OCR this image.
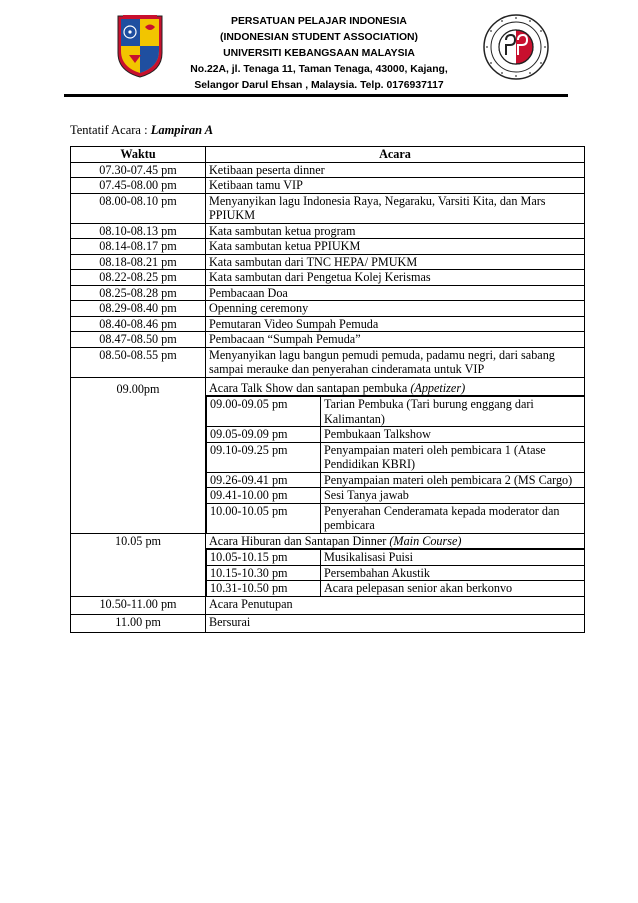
PERSATUAN PELAJAR INDONESIA
(INDONESIAN STUDENT ASSOCIATION)
UNIVERSITI KEBANGSAAN MALAYSIA
No.22A, jl. Tenaga 11, Taman Tenaga, 43000, Kajang,
Selangor Darul Ehsan , Malaysia. Telp. 0176937117
Tentatif Acara : Lampiran A
Waktu	Acara
07.30-07.45 pm	Ketibaan peserta dinner
07.45-08.00 pm	Ketibaan tamu VIP
08.00-08.10 pm	Menyanyikan lagu Indonesia Raya, Negaraku, Varsiti Kita, dan Mars PPIUKM
08.10-08.13 pm	Kata sambutan ketua program
08.14-08.17 pm	Kata sambutan ketua PPIUKM
08.18-08.21 pm	Kata sambutan dari TNC HEPA/ PMUKM
08.22-08.25 pm	Kata sambutan dari Pengetua Kolej Kerismas
08.25-08.28 pm	Pembacaan Doa
08.29-08.40 pm	Openning ceremony
08.40-08.46 pm	Pemutaran Video Sumpah Pemuda
08.47-08.50 pm	Pembacaan “Sumpah Pemuda”
08.50-08.55 pm	Menyanyikan lagu bangun pemudi pemuda, padamu negri, dari sabang sampai merauke dan penyerahan cinderamata untuk VIP
09.00pm	Acara Talk Show dan santapan pembuka (Appetizer)
09.00-09.05 pm	Tarian Pembuka (Tari burung enggang dari Kalimantan)
09.05-09.09 pm	Pembukaan Talkshow
09.10-09.25 pm	Penyampaian materi oleh pembicara 1 (Atase Pendidikan KBRI)
09.26-09.41 pm	Penyampaian materi oleh pembicara 2 (MS Cargo)
09.41-10.00 pm	Sesi Tanya jawab
10.00-10.05 pm	Penyerahan Cenderamata kepada moderator dan pembicara

10.05 pm	Acara Hiburan dan Santapan Dinner (Main Course)
10.05-10.15 pm	Musikalisasi Puisi
10.15-10.30 pm	Persembahan Akustik
10.31-10.50 pm	Acara pelepasan senior akan berkonvo

10.50-11.00 pm	Acara Penutupan
11.00 pm	Bersurai
